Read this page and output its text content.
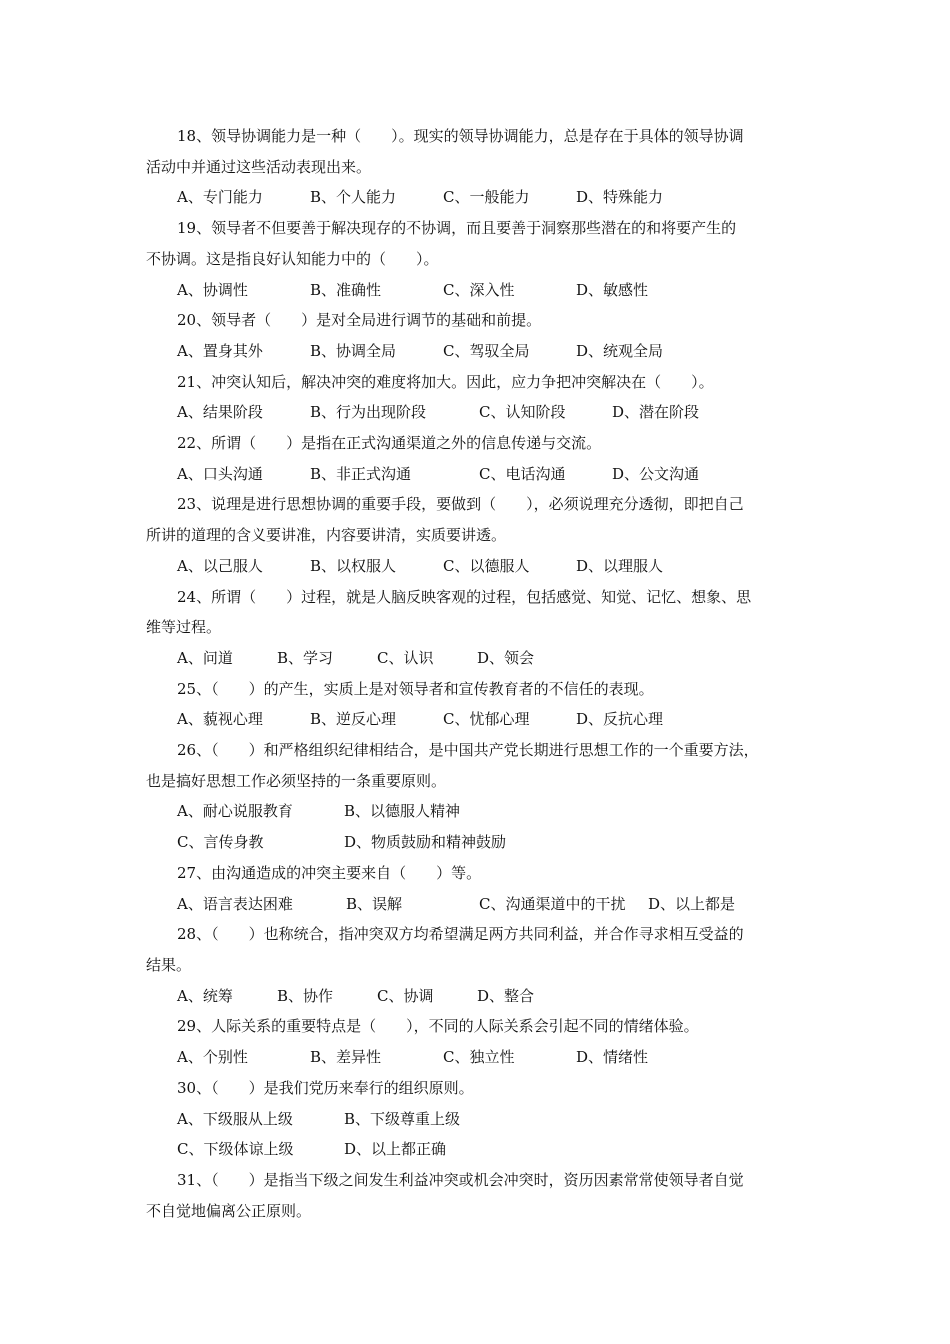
18、领导协调能力是一种（　　）。现实的领导协调能力，总是存在于具体的领导协调
活动中并通过这些活动表现出来。

A、专门能力	B、个人能力	C、一般能力	D、特殊能力

19、领导者不但要善于解决现存的不协调，而且要善于洞察那些潜在的和将要产生的
不协调。这是指良好认知能力中的（　　）。

A、协调性	B、准确性	C、深入性	D、敏感性

20、领导者（　　）是对全局进行调节的基础和前提。

A、置身其外	B、协调全局	C、驾驭全局	D、统观全局

21、冲突认知后，解决冲突的难度将加大。因此，应力争把冲突解决在（　　）。

A、结果阶段	B、行为出现阶段	C、认知阶段	D、潜在阶段

22、所谓（　　）是指在正式沟通渠道之外的信息传递与交流。

A、口头沟通	B、非正式沟通	C、电话沟通	D、公文沟通

23、说理是进行思想协调的重要手段，要做到（　　），必须说理充分透彻，即把自己
所讲的道理的含义要讲准，内容要讲清，实质要讲透。

A、以己服人	B、以权服人	C、以德服人	D、以理服人

24、所谓（　　）过程，就是人脑反映客观的过程，包括感觉、知觉、记忆、想象、思
维等过程。

A、问道	B、学习	C、认识	D、领会

25、（　　）的产生，实质上是对领导者和宣传教育者的不信任的表现。

A、藐视心理	B、逆反心理	C、忧郁心理	D、反抗心理

26、（　　）和严格组织纪律相结合，是中国共产党长期进行思想工作的一个重要方法，
也是搞好思想工作必须坚持的一条重要原则。

A、耐心说服教育	B、以德服人精神
C、言传身教	D、物质鼓励和精神鼓励

27、由沟通造成的冲突主要来自（　　）等。

A、语言表达困难	B、误解	C、沟通渠道中的干扰	D、以上都是

28、（　　）也称统合，指冲突双方均希望满足两方共同利益，并合作寻求相互受益的
结果。

A、统筹	B、协作	C、协调	D、整合

29、人际关系的重要特点是（　　），不同的人际关系会引起不同的情绪体验。

A、个别性	B、差异性	C、独立性	D、情绪性

30、（　　）是我们党历来奉行的组织原则。

A、下级服从上级	B、下级尊重上级
C、下级体谅上级	D、以上都正确

31、（　　）是指当下级之间发生利益冲突或机会冲突时，资历因素常常使领导者自觉
不自觉地偏离公正原则。
